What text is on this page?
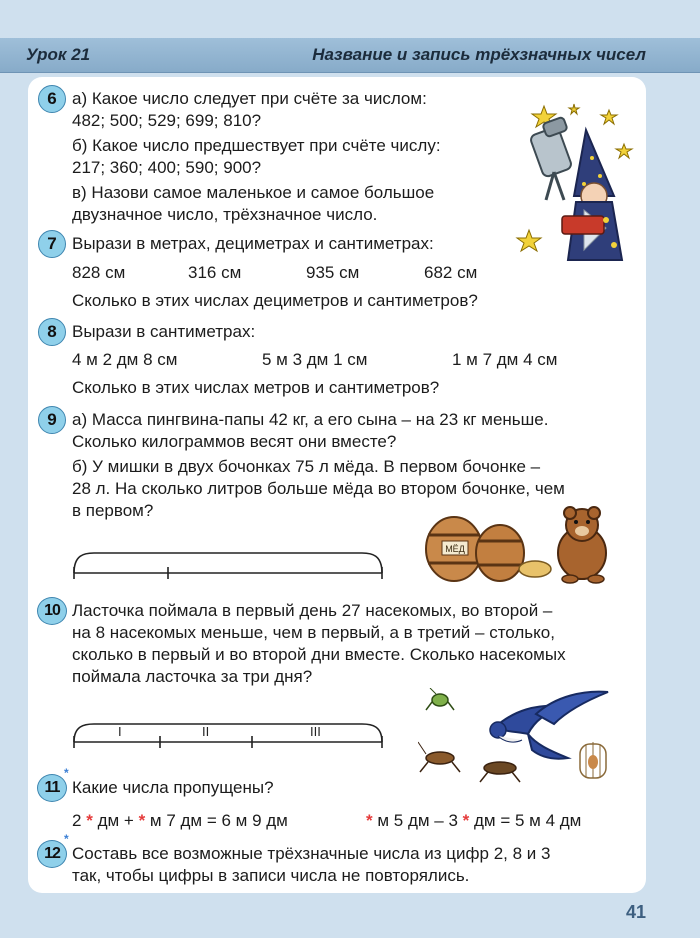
Урок 21	Название и запись трёхзначных чисел
6 а) Какое число следует при счёте за числом:
482; 500; 529; 699; 810?
б) Какое число предшествует при счёте числу:
217; 360; 400; 590; 900?
в) Назови самое маленькое и самое большое
двузначное число, трёхзначное число.
7 Вырази в метрах, дециметрах и сантиметрах:
828 см	316 см	935 см	682 см
Сколько в этих числах дециметров и сантиметров?
8 Вырази в сантиметрах:
4 м 2 дм 8 см	5 м 3 дм 1 см	1 м 7 дм 4 см
Сколько в этих числах метров и сантиметров?
9 а) Масса пингвина-папы 42 кг, а его сына – на 23 кг меньше.
Сколько килограммов весят они вместе?
б) У мишки в двух бочонках 75 л мёда. В первом бочонке –
28 л. На сколько литров больше мёда во втором бочонке, чем
в первом?
МЁД
10 Ласточка поймала в первый день 27 насекомых, во второй –
на 8 насекомых меньше, чем в первый, а в третий – столько,
сколько в первый и во второй дни вместе. Сколько насекомых
поймала ласточка за три дня?
I	II	III
11
*
Какие числа пропущены?
2 * дм + * м 7 дм = 6 м 9 дм	* м 5 дм – 3 * дм = 5 м 4 дм
12
*
Составь все возможные трёхзначные числа из цифр 2, 8 и 3
так, чтобы цифры в записи числа не повторялись.
41
